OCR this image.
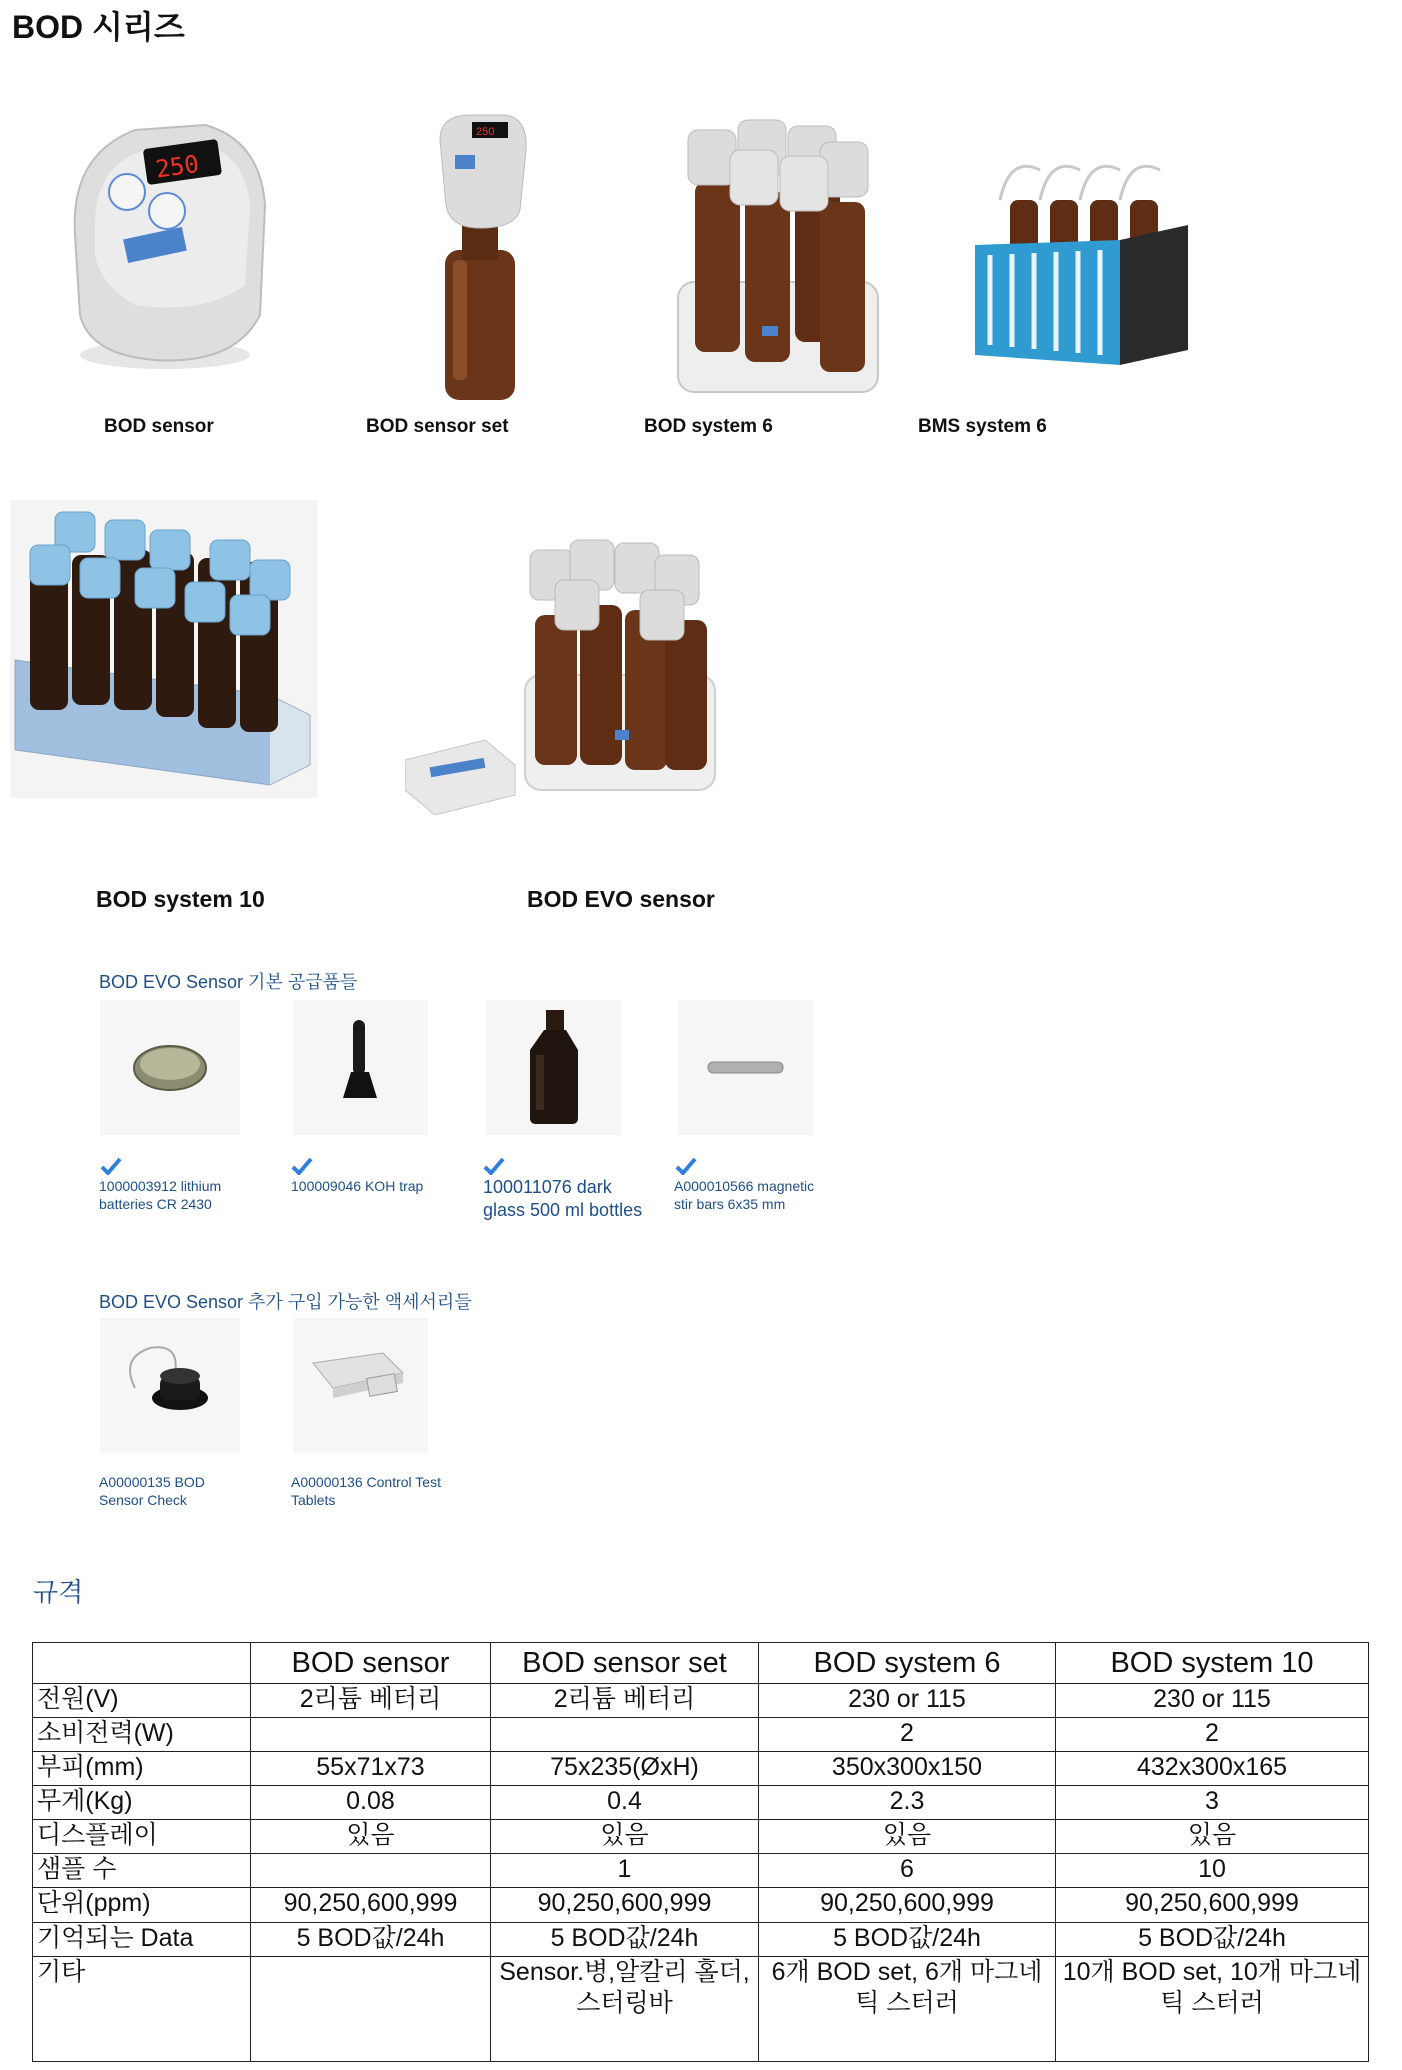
BOD 시리즈
250
250
BOD sensor	BOD sensor set	BOD system 6	BMS system 6
BOD system 10	BOD EVO sensor
BOD EVO Sensor 기본 공급품들
1000003912 lithium batteries CR 2430
100009046 KOH trap	100011076 dark glass 500 ml bottles
A000010566 magnetic stir bars 6x35 mm
BOD EVO Sensor 추가 구입 가능한 액세서리들
A00000135 BOD Sensor Check
A00000136 Control Test Tablets
규격
	BOD sensor	BOD sensor set	BOD system 6	BOD system 10
전원(V)	2리튬 베터리	2리튬 베터리	230 or 115	230 or 115
소비전력(W)			2	2
부피(mm)	55x71x73	75x235(ØxH)	350x300x150	432x300x165
무게(Kg)	0.08	0.4	2.3	3
디스플레이	있음	있음	있음	있음
샘플 수		1	6	10
단위(ppm)	90,250,600,999	90,250,600,999	90,250,600,999	90,250,600,999
기억되는 Data	5 BOD값/24h	5 BOD값/24h	5 BOD값/24h	5 BOD값/24h
기타		Sensor.병,알칼리 홀더,스터링바	6개 BOD set, 6개 마그네틱 스터러	10개 BOD set, 10개 마그네틱 스터러
